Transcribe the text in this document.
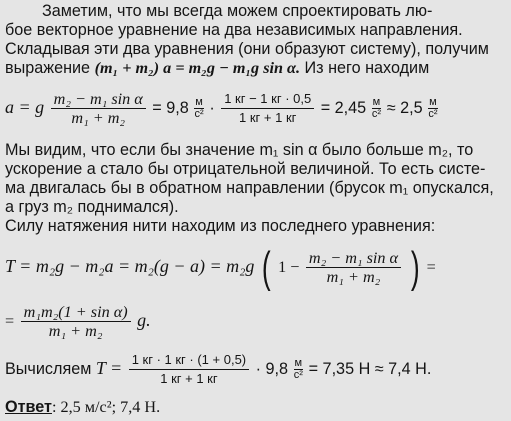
Заметим, что мы всегда можем спроектировать лю-
бое векторное уравнение на два независимых направления.
Складывая эти два уравнения (они образуют систему), получим
выражение (m₁ + m₂) a = m₂g − m₁g sin α. Из него находим
a = g $\frac{\text{m₂ − m₁ sin α}}{\text{m₁ + m₂}} = 9,8$ м
$с^2 \cdot \frac{1 кг - 1 кг \cdot 0,5}{1 кг + 1 кг} = 2,45$ м
с² ≈ 2,5 м
с²
Мы видим, что если бы значение m₁ sin α было больше m₂, то
ускорение a стало бы отрицательной величиной. То есть систе-
ма двигалась бы в обратном направлении (брусок m₁ опускался,
а груз m₂ поднимался).
Силу натяжения нити находим из последнего уравнения:
T = m₂g − m₂a = m₂(g − a) = m₂g ( $1 - \frac{\text{m₂ − m₁ sin α}}{\text{m₁ + m₂}}$ ) =
= $\frac{\text{m₁m₂(1 + sin α)}}{\text{m₁ + m₂}} g$.
Вычисляем $T = \frac{1 кг \cdot 1 кг \cdot (1 + 0,5)}{1 кг + 1 кг} \cdot 9,8$ м
с² = 7,35 Н ≈ 7,4 Н.
Ответ: 2,5 м/с²; 7,4 Н.
